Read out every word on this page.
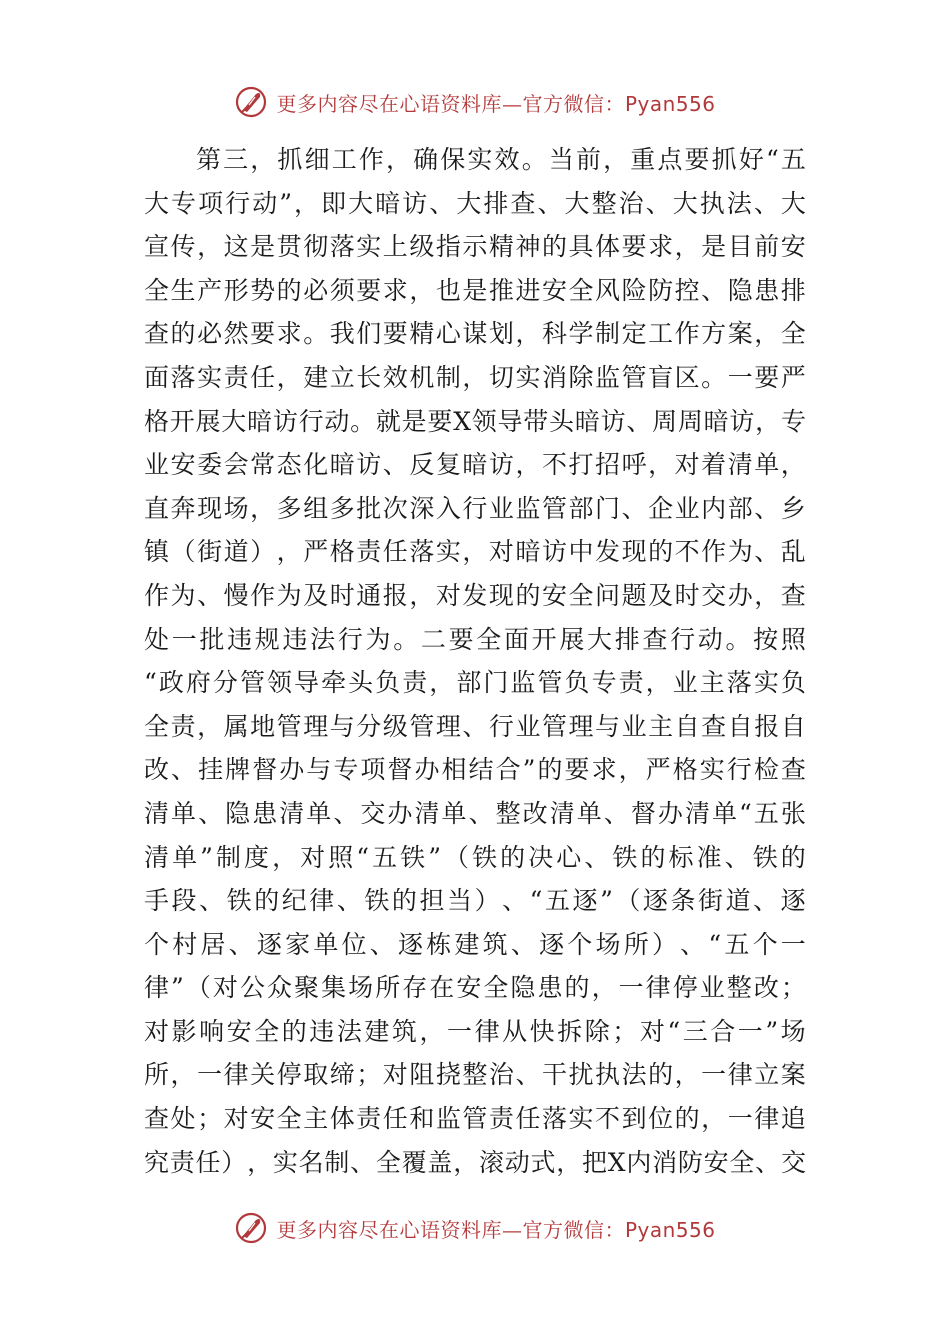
更多内容尽在心语资料库—官方微信：Pyan556
第 三 ， 抓 细 工 作 ， 确 保 实 效 。 当 前 ， 重 点 要 抓 好 “ 五
大 专 项 行 动 ” ， 即 大 暗 访 、 大 排 查 、 大 整 治 、 大 执 法 、 大
宣 传 ， 这 是 贯 彻 落 实 上 级 指 示 精 神 的 具 体 要 求 ， 是 目 前 安
全 生 产 形 势 的 必 须 要 求 ， 也 是 推 进 安 全 风 险 防 控 、 隐 患 排
查 的 必 然 要 求 。 我 们 要 精 心 谋 划 ， 科 学 制 定 工 作 方 案 ， 全
面 落 实 责 任 ， 建 立 长 效 机 制 ， 切 实 消 除 监 管 盲 区 。 一 要 严
格 开 展 大 暗 访 行 动 。 就 是 要 X 领 导 带 头 暗 访 、 周 周 暗 访 ， 专
业 安 委 会 常 态 化 暗 访 、 反 复 暗 访 ， 不 打 招 呼 ， 对 着 清 单 ，
直 奔 现 场 ， 多 组 多 批 次 深 入 行 业 监 管 部 门 、 企 业 内 部 、 乡
镇 （ 街 道 ） ， 严 格 责 任 落 实 ， 对 暗 访 中 发 现 的 不 作 为 、 乱
作 为 、 慢 作 为 及 时 通 报 ， 对 发 现 的 安 全 问 题 及 时 交 办 ， 查
处 一 批 违 规 违 法 行 为 。 二 要 全 面 开 展 大 排 查 行 动 。 按 照
“ 政 府 分 管 领 导 牵 头 负 责 ， 部 门 监 管 负 专 责 ， 业 主 落 实 负
全 责 ， 属 地 管 理 与 分 级 管 理 、 行 业 管 理 与 业 主 自 查 自 报 自
改 、 挂 牌 督 办 与 专 项 督 办 相 结 合 ” 的 要 求 ， 严 格 实 行 检 查
清 单 、 隐 患 清 单 、 交 办 清 单 、 整 改 清 单 、 督 办 清 单 “ 五 张
清 单 ” 制 度 ， 对 照 “ 五 铁 ” （ 铁 的 决 心 、 铁 的 标 准 、 铁 的
手 段 、 铁 的 纪 律 、 铁 的 担 当 ） 、 “ 五 逐 ” （ 逐 条 街 道 、 逐
个 村 居 、 逐 家 单 位 、 逐 栋 建 筑 、 逐 个 场 所 ） 、 “ 五 个 一
律 ” （ 对 公 众 聚 集 场 所 存 在 安 全 隐 患 的 ， 一 律 停 业 整 改 ；
对 影 响 安 全 的 违 法 建 筑 ， 一 律 从 快 拆 除 ； 对 “ 三 合 一 ” 场
所 ， 一 律 关 停 取 缔 ； 对 阻 挠 整 治 、 干 扰 执 法 的 ， 一 律 立 案
查 处 ； 对 安 全 主 体 责 任 和 监 管 责 任 落 实 不 到 位 的 ， 一 律 追
究 责 任 ） ， 实 名 制 、 全 覆 盖 ， 滚 动 式 ， 把 X 内 消 防 安 全 、 交
更多内容尽在心语资料库—官方微信：Pyan556
